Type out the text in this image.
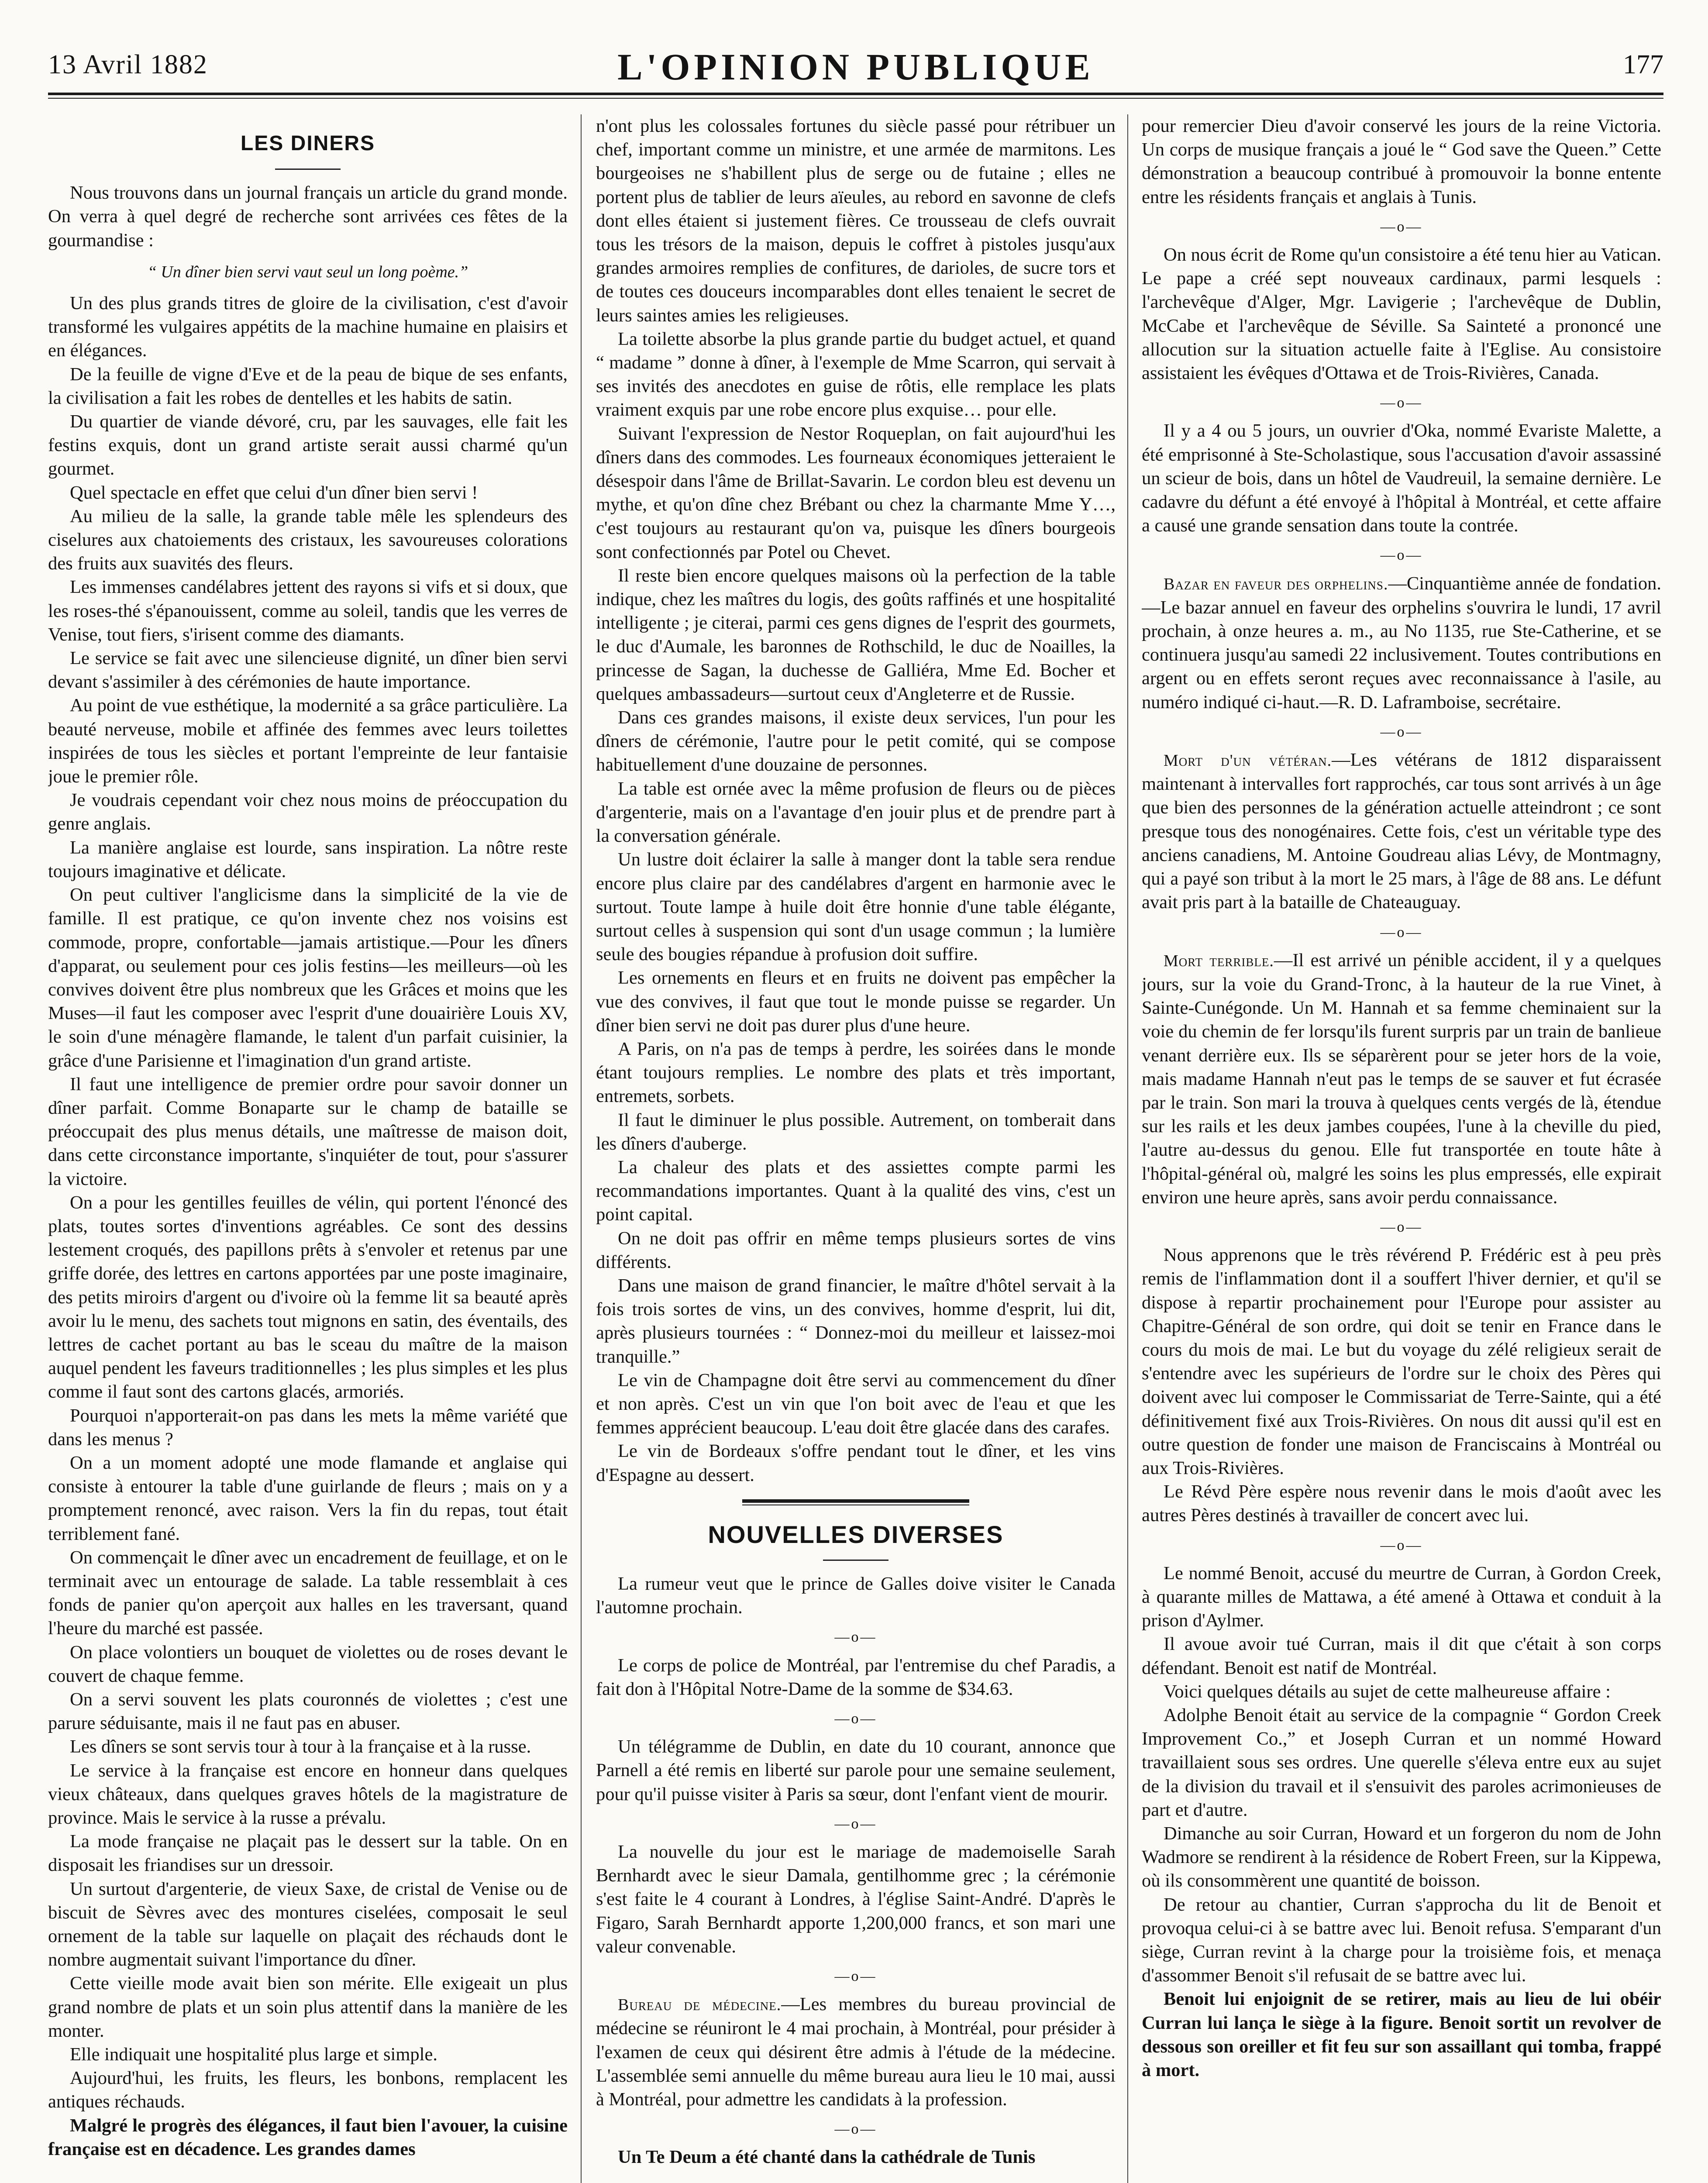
13 Avril 1882	L'OPINION PUBLIQUE	177
LES DINERS

Nous trouvons dans un journal français un article du grand monde. On verra à quel degré de recherche sont arrivées ces fêtes de la gourmandise :

“ Un dîner bien servi vaut seul un long poème.”

Un des plus grands titres de gloire de la civilisation, c'est d'avoir transformé les vulgaires appétits de la machine humaine en plaisirs et en élégances.

De la feuille de vigne d'Eve et de la peau de bique de ses enfants, la civilisation a fait les robes de dentelles et les habits de satin.

Du quartier de viande dévoré, cru, par les sauvages, elle fait les festins exquis, dont un grand artiste serait aussi charmé qu'un gourmet.

Quel spectacle en effet que celui d'un dîner bien servi !

Au milieu de la salle, la grande table mêle les splendeurs des ciselures aux chatoiements des cristaux, les savoureuses colorations des fruits aux suavités des fleurs.

Les immenses candélabres jettent des rayons si vifs et si doux, que les roses-thé s'épanouissent, comme au soleil, tandis que les verres de Venise, tout fiers, s'irisent comme des diamants.

Le service se fait avec une silencieuse dignité, un dîner bien servi devant s'assimiler à des cérémonies de haute importance.

Au point de vue esthétique, la modernité a sa grâce particulière. La beauté nerveuse, mobile et affinée des femmes avec leurs toilettes inspirées de tous les siècles et portant l'empreinte de leur fantaisie joue le premier rôle.

Je voudrais cependant voir chez nous moins de préoccupation du genre anglais.

La manière anglaise est lourde, sans inspiration. La nôtre reste toujours imaginative et délicate.

On peut cultiver l'anglicisme dans la simplicité de la vie de famille. Il est pratique, ce qu'on invente chez nos voisins est commode, propre, confortable—jamais artistique.—Pour les dîners d'apparat, ou seulement pour ces jolis festins—les meilleurs—où les convives doivent être plus nombreux que les Grâces et moins que les Muses—il faut les composer avec l'esprit d'une douairière Louis XV, le soin d'une ménagère flamande, le talent d'un parfait cuisinier, la grâce d'une Parisienne et l'imagination d'un grand artiste.

Il faut une intelligence de premier ordre pour savoir donner un dîner parfait. Comme Bonaparte sur le champ de bataille se préoccupait des plus menus détails, une maîtresse de maison doit, dans cette circonstance importante, s'inquiéter de tout, pour s'assurer la victoire.

On a pour les gentilles feuilles de vélin, qui portent l'énoncé des plats, toutes sortes d'inventions agréables. Ce sont des dessins lestement croqués, des papillons prêts à s'envoler et retenus par une griffe dorée, des lettres en cartons apportées par une poste imaginaire, des petits miroirs d'argent ou d'ivoire où la femme lit sa beauté après avoir lu le menu, des sachets tout mignons en satin, des éventails, des lettres de cachet portant au bas le sceau du maître de la maison auquel pendent les faveurs traditionnelles ; les plus simples et les plus comme il faut sont des cartons glacés, armoriés.

Pourquoi n'apporterait-on pas dans les mets la même variété que dans les menus ?

On a un moment adopté une mode flamande et anglaise qui consiste à entourer la table d'une guirlande de fleurs ; mais on y a promptement renoncé, avec raison. Vers la fin du repas, tout était terriblement fané.

On commençait le dîner avec un encadrement de feuillage, et on le terminait avec un entourage de salade. La table ressemblait à ces fonds de panier qu'on aperçoit aux halles en les traversant, quand l'heure du marché est passée.

On place volontiers un bouquet de violettes ou de roses devant le couvert de chaque femme.

On a servi souvent les plats couronnés de violettes ; c'est une parure séduisante, mais il ne faut pas en abuser.

Les dîners se sont servis tour à tour à la française et à la russe.

Le service à la française est encore en honneur dans quelques vieux châteaux, dans quelques graves hôtels de la magistrature de province. Mais le service à la russe a prévalu.

La mode française ne plaçait pas le dessert sur la table. On en disposait les friandises sur un dressoir.

Un surtout d'argenterie, de vieux Saxe, de cristal de Venise ou de biscuit de Sèvres avec des montures ciselées, composait le seul ornement de la table sur laquelle on plaçait des réchauds dont le nombre augmentait suivant l'importance du dîner.

Cette vieille mode avait bien son mérite. Elle exigeait un plus grand nombre de plats et un soin plus attentif dans la manière de les monter.

Elle indiquait une hospitalité plus large et simple.

Aujourd'hui, les fruits, les fleurs, les bonbons, remplacent les antiques réchauds.

Malgré le progrès des élégances, il faut bien l'avouer, la cuisine française est en décadence. Les grandes dames

n'ont plus les colossales fortunes du siècle passé pour rétribuer un chef, important comme un ministre, et une armée de marmitons. Les bourgeoises ne s'habillent plus de serge ou de futaine ; elles ne portent plus de tablier de leurs aïeules, au rebord en savonne de clefs dont elles étaient si justement fières. Ce trousseau de clefs ouvrait tous les trésors de la maison, depuis le coffret à pistoles jusqu'aux grandes armoires remplies de confitures, de darioles, de sucre tors et de toutes ces douceurs incomparables dont elles tenaient le secret de leurs saintes amies les religieuses.

La toilette absorbe la plus grande partie du budget actuel, et quand “ madame ” donne à dîner, à l'exemple de Mme Scarron, qui servait à ses invités des anecdotes en guise de rôtis, elle remplace les plats vraiment exquis par une robe encore plus exquise… pour elle.

Suivant l'expression de Nestor Roqueplan, on fait aujourd'hui les dîners dans des commodes. Les fourneaux économiques jetteraient le désespoir dans l'âme de Brillat-Savarin. Le cordon bleu est devenu un mythe, et qu'on dîne chez Brébant ou chez la charmante Mme Y…, c'est toujours au restaurant qu'on va, puisque les dîners bourgeois sont confectionnés par Potel ou Chevet.

Il reste bien encore quelques maisons où la perfection de la table indique, chez les maîtres du logis, des goûts raffinés et une hospitalité intelligente ; je citerai, parmi ces gens dignes de l'esprit des gourmets, le duc d'Aumale, les baronnes de Rothschild, le duc de Noailles, la princesse de Sagan, la duchesse de Galliéra, Mme Ed. Bocher et quelques ambassadeurs—surtout ceux d'Angleterre et de Russie.

Dans ces grandes maisons, il existe deux services, l'un pour les dîners de cérémonie, l'autre pour le petit comité, qui se compose habituellement d'une douzaine de personnes.

La table est ornée avec la même profusion de fleurs ou de pièces d'argenterie, mais on a l'avantage d'en jouir plus et de prendre part à la conversation générale.

Un lustre doit éclairer la salle à manger dont la table sera rendue encore plus claire par des candélabres d'argent en harmonie avec le surtout. Toute lampe à huile doit être honnie d'une table élégante, surtout celles à suspension qui sont d'un usage commun ; la lumière seule des bougies répandue à profusion doit suffire.

Les ornements en fleurs et en fruits ne doivent pas empêcher la vue des convives, il faut que tout le monde puisse se regarder. Un dîner bien servi ne doit pas durer plus d'une heure.

A Paris, on n'a pas de temps à perdre, les soirées dans le monde étant toujours remplies. Le nombre des plats et très important, entremets, sorbets.

Il faut le diminuer le plus possible. Autrement, on tomberait dans les dîners d'auberge.

La chaleur des plats et des assiettes compte parmi les recommandations importantes. Quant à la qualité des vins, c'est un point capital.

On ne doit pas offrir en même temps plusieurs sortes de vins différents.

Dans une maison de grand financier, le maître d'hôtel servait à la fois trois sortes de vins, un des convives, homme d'esprit, lui dit, après plusieurs tournées : “ Donnez-moi du meilleur et laissez-moi tranquille.”

Le vin de Champagne doit être servi au commencement du dîner et non après. C'est un vin que l'on boit avec de l'eau et que les femmes apprécient beaucoup. L'eau doit être glacée dans des carafes.

Le vin de Bordeaux s'offre pendant tout le dîner, et les vins d'Espagne au dessert.

NOUVELLES DIVERSES

La rumeur veut que le prince de Galles doive visiter le Canada l'automne prochain.

—o—

Le corps de police de Montréal, par l'entremise du chef Paradis, a fait don à l'Hôpital Notre-Dame de la somme de $34.63.

—o—

Un télégramme de Dublin, en date du 10 courant, annonce que Parnell a été remis en liberté sur parole pour une semaine seulement, pour qu'il puisse visiter à Paris sa sœur, dont l'enfant vient de mourir.

—o—

La nouvelle du jour est le mariage de mademoiselle Sarah Bernhardt avec le sieur Damala, gentilhomme grec ; la cérémonie s'est faite le 4 courant à Londres, à l'église Saint-André. D'après le Figaro, Sarah Bernhardt apporte 1,200,000 francs, et son mari une valeur convenable.

—o—

Bureau de médecine.—Les membres du bureau provincial de médecine se réuniront le 4 mai prochain, à Montréal, pour présider à l'examen de ceux qui désirent être admis à l'étude de la médecine. L'assemblée semi annuelle du même bureau aura lieu le 10 mai, aussi à Montréal, pour admettre les candidats à la profession.

—o—

Un Te Deum a été chanté dans la cathédrale de Tunis

pour remercier Dieu d'avoir conservé les jours de la reine Victoria. Un corps de musique français a joué le “ God save the Queen.” Cette démonstration a beaucoup contribué à promouvoir la bonne entente entre les résidents français et anglais à Tunis.

—o—

On nous écrit de Rome qu'un consistoire a été tenu hier au Vatican. Le pape a créé sept nouveaux cardinaux, parmi lesquels : l'archevêque d'Alger, Mgr. Lavigerie ; l'archevêque de Dublin, McCabe et l'archevêque de Séville. Sa Sainteté a prononcé une allocution sur la situation actuelle faite à l'Eglise. Au consistoire assistaient les évêques d'Ottawa et de Trois-Rivières, Canada.

—o—

Il y a 4 ou 5 jours, un ouvrier d'Oka, nommé Evariste Malette, a été emprisonné à Ste-Scholastique, sous l'accusation d'avoir assassiné un scieur de bois, dans un hôtel de Vaudreuil, la semaine dernière. Le cadavre du défunt a été envoyé à l'hôpital à Montréal, et cette affaire a causé une grande sensation dans toute la contrée.

—o—

Bazar en faveur des orphelins.—Cinquantième année de fondation.—Le bazar annuel en faveur des orphelins s'ouvrira le lundi, 17 avril prochain, à onze heures a. m., au No 1135, rue Ste-Catherine, et se continuera jusqu'au samedi 22 inclusivement. Toutes contributions en argent ou en effets seront reçues avec reconnaissance à l'asile, au numéro indiqué ci-haut.—R. D. Laframboise, secrétaire.

—o—

Mort d'un vétéran.—Les vétérans de 1812 disparaissent maintenant à intervalles fort rapprochés, car tous sont arrivés à un âge que bien des personnes de la génération actuelle atteindront ; ce sont presque tous des nonogénaires. Cette fois, c'est un véritable type des anciens canadiens, M. Antoine Goudreau alias Lévy, de Montmagny, qui a payé son tribut à la mort le 25 mars, à l'âge de 88 ans. Le défunt avait pris part à la bataille de Chateauguay.

—o—

Mort terrible.—Il est arrivé un pénible accident, il y a quelques jours, sur la voie du Grand-Tronc, à la hauteur de la rue Vinet, à Sainte-Cunégonde. Un M. Hannah et sa femme cheminaient sur la voie du chemin de fer lorsqu'ils furent surpris par un train de banlieue venant derrière eux. Ils se séparèrent pour se jeter hors de la voie, mais madame Hannah n'eut pas le temps de se sauver et fut écrasée par le train. Son mari la trouva à quelques cents vergés de là, étendue sur les rails et les deux jambes coupées, l'une à la cheville du pied, l'autre au-dessus du genou. Elle fut transportée en toute hâte à l'hôpital-général où, malgré les soins les plus empressés, elle expirait environ une heure après, sans avoir perdu connaissance.

—o—

Nous apprenons que le très révérend P. Frédéric est à peu près remis de l'inflammation dont il a souffert l'hiver dernier, et qu'il se dispose à repartir prochainement pour l'Europe pour assister au Chapitre-Général de son ordre, qui doit se tenir en France dans le cours du mois de mai. Le but du voyage du zélé religieux serait de s'entendre avec les supérieurs de l'ordre sur le choix des Pères qui doivent avec lui composer le Commissariat de Terre-Sainte, qui a été définitivement fixé aux Trois-Rivières. On nous dit aussi qu'il est en outre question de fonder une maison de Franciscains à Montréal ou aux Trois-Rivières.

Le Révd Père espère nous revenir dans le mois d'août avec les autres Pères destinés à travailler de concert avec lui.

—o—

Le nommé Benoit, accusé du meurtre de Curran, à Gordon Creek, à quarante milles de Mattawa, a été amené à Ottawa et conduit à la prison d'Aylmer.

Il avoue avoir tué Curran, mais il dit que c'était à son corps défendant. Benoit est natif de Montréal.

Voici quelques détails au sujet de cette malheureuse affaire :

Adolphe Benoit était au service de la compagnie “ Gordon Creek Improvement Co.,” et Joseph Curran et un nommé Howard travaillaient sous ses ordres. Une querelle s'éleva entre eux au sujet de la division du travail et il s'ensuivit des paroles acrimonieuses de part et d'autre.

Dimanche au soir Curran, Howard et un forgeron du nom de John Wadmore se rendirent à la résidence de Robert Freen, sur la Kippewa, où ils consommèrent une quantité de boisson.

De retour au chantier, Curran s'approcha du lit de Benoit et provoqua celui-ci à se battre avec lui. Benoit refusa. S'emparant d'un siège, Curran revint à la charge pour la troisième fois, et menaça d'assommer Benoit s'il refusait de se battre avec lui.

Benoit lui enjoignit de se retirer, mais au lieu de lui obéir Curran lui lança le siège à la figure. Benoit sortit un revolver de dessous son oreiller et fit feu sur son assaillant qui tomba, frappé à mort.
